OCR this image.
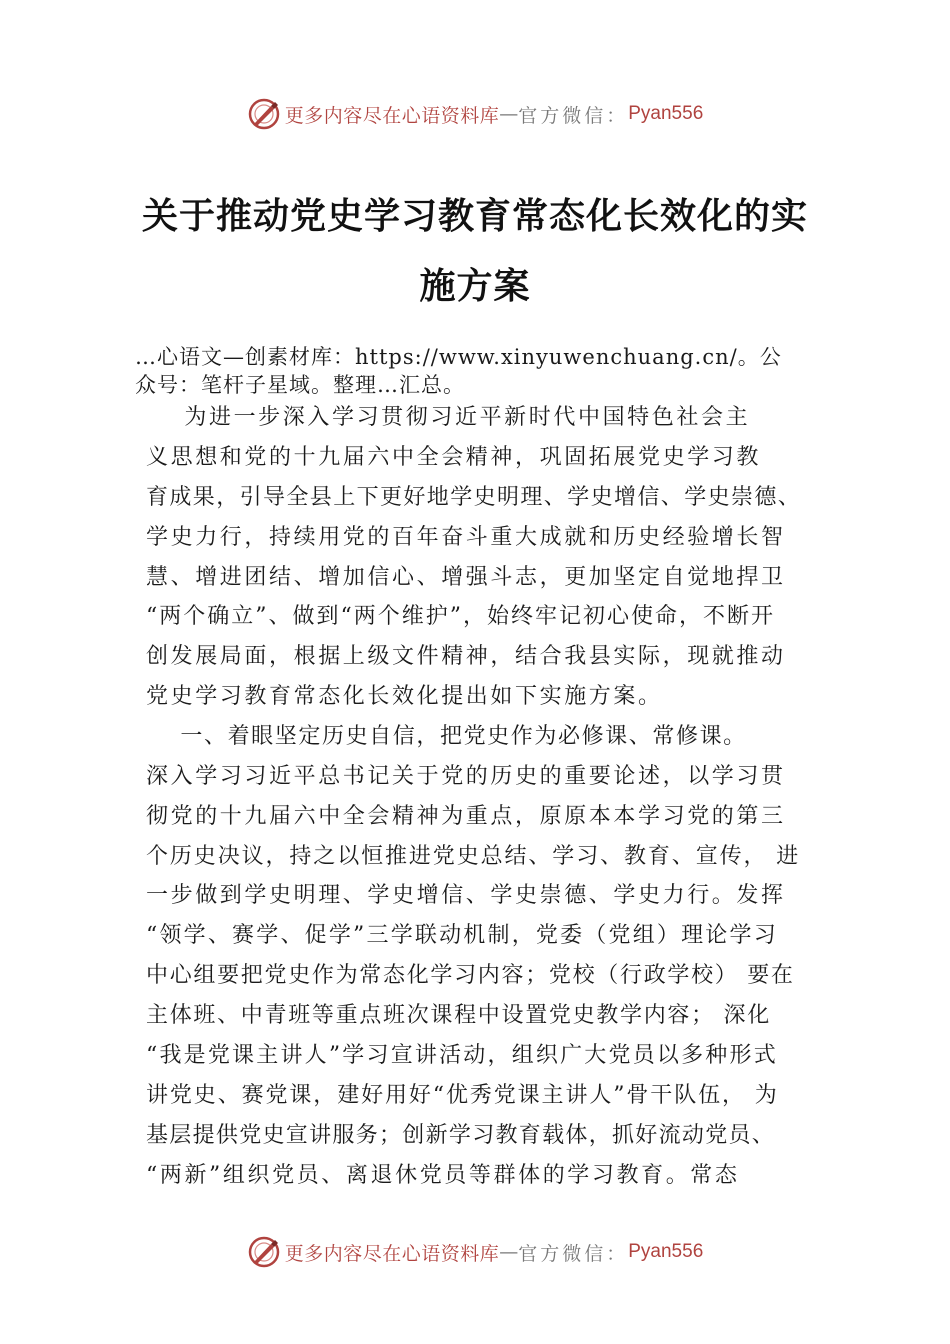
更多内容尽在心语资料库 — 官方微信： Pyan556
关于推动党史学习教育常态化长效化的实
施方案
…心语文—创素材库：https://www.xinyuwenchuang.cn/。公
众号：笔杆子星域。整理…汇总。
为进一步深入学习贯彻习近平新时代中国特色社会主
义思想和党的十九届六中全会精神，巩固拓展党史学习教
育成果，引导全县上下更好地学史明理、学史增信、学史崇德、
学史力行，持续用党的百年奋斗重大成就和历史经验增长智
慧、增进团结、增加信心、增强斗志，更加坚定自觉地捍卫
“两个确立”、做到“两个维护”，始终牢记初心使命，不断开
创发展局面，根据上级文件精神，结合我县实际，现就推动
党史学习教育常态化长效化提出如下实施方案。
一、着眼坚定历史自信，把党史作为必修课、常修课。
深入学习习近平总书记关于党的历史的重要论述，以学习贯
彻党的十九届六中全会精神为重点，原原本本学习党的第三
个历史决议，持之以恒推进党史总结、学习、教育、宣传， 进
一步做到学史明理、学史增信、学史崇德、学史力行。发挥
“领学、赛学、促学”三学联动机制，党委（党组）理论学习
中心组要把党史作为常态化学习内容；党校（行政学校） 要在
主体班、中青班等重点班次课程中设置党史教学内容； 深化
“我是党课主讲人”学习宣讲活动，组织广大党员以多种形式
讲党史、赛党课，建好用好“优秀党课主讲人”骨干队伍， 为
基层提供党史宣讲服务；创新学习教育载体，抓好流动党员、
“两新”组织党员、离退休党员等群体的学习教育。常态
更多内容尽在心语资料库 — 官方微信： Pyan556
